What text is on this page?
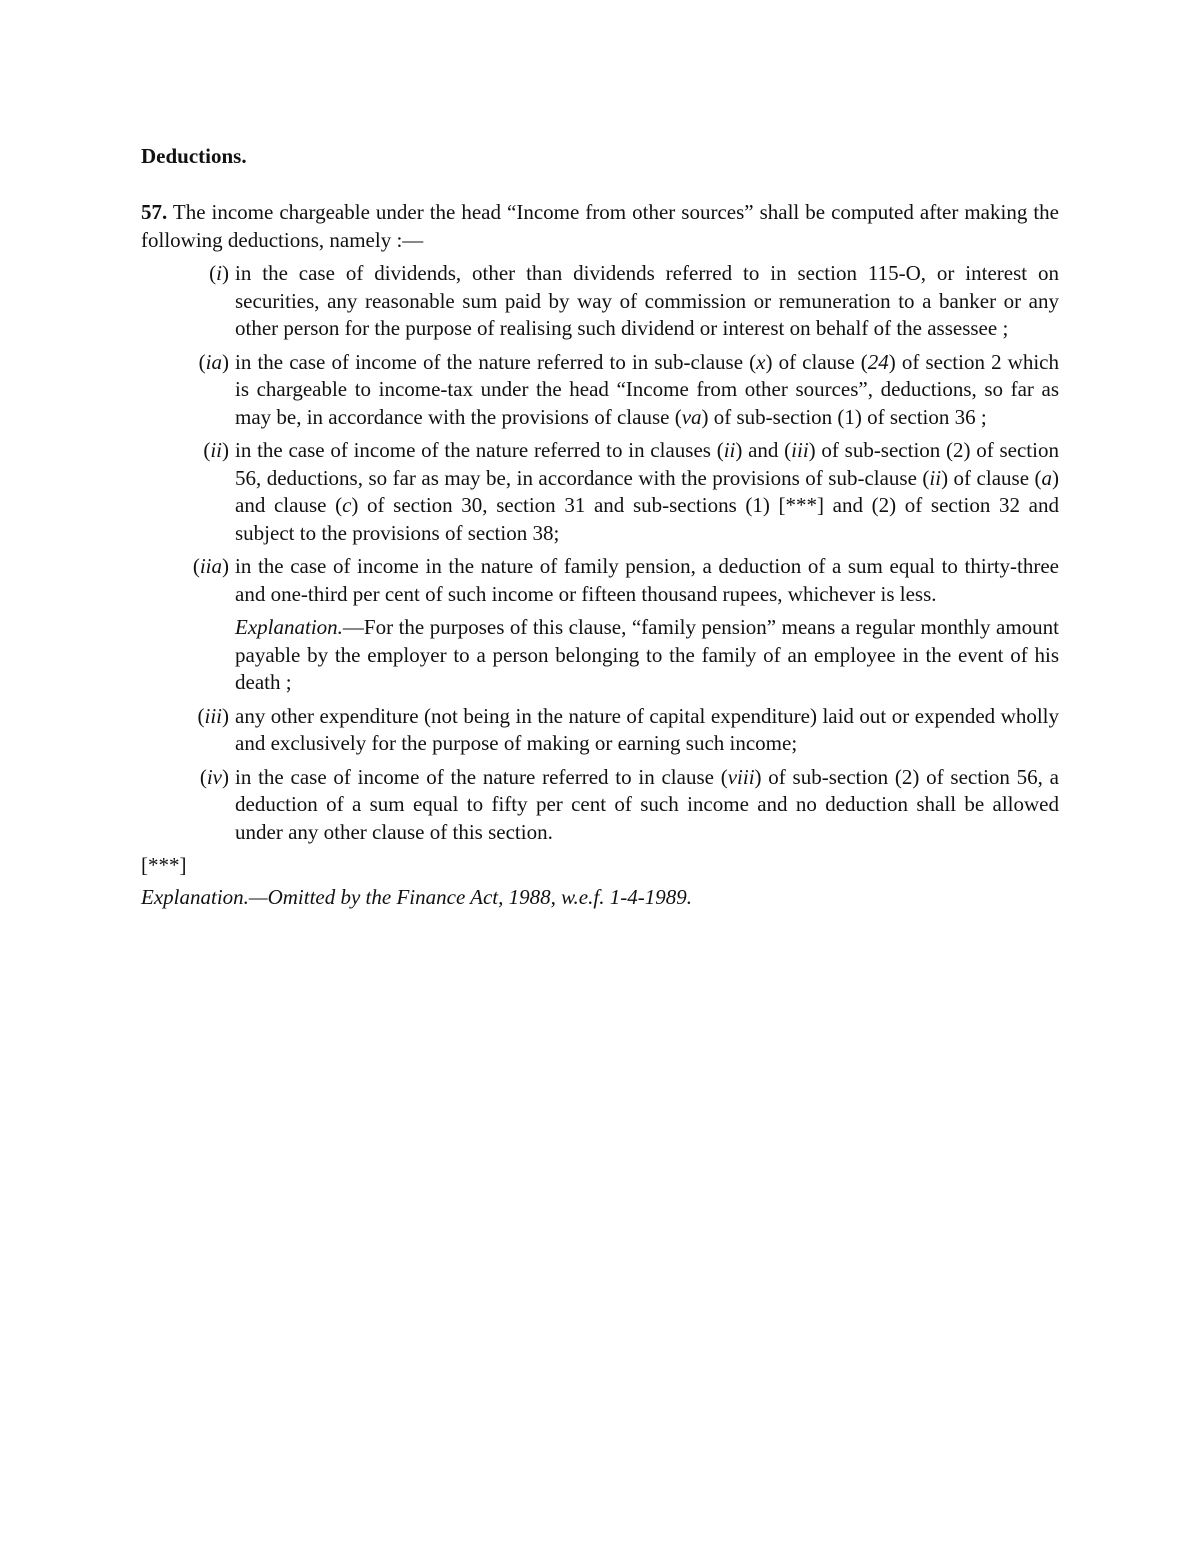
Deductions.

57. The income chargeable under the head “Income from other sources” shall be computed after making the following deductions, namely :—

(i) in the case of dividends, other than dividends referred to in section 115-O, or interest on securities, any reasonable sum paid by way of commission or remuneration to a banker or any other person for the purpose of realising such dividend or interest on behalf of the assessee ;

(ia) in the case of income of the nature referred to in sub-clause (x) of clause (24) of section 2 which is chargeable to income-tax under the head “Income from other sources”, deductions, so far as may be, in accordance with the provisions of clause (va) of sub-section (1) of section 36 ;

(ii) in the case of income of the nature referred to in clauses (ii) and (iii) of sub-section (2) of section 56, deductions, so far as may be, in accordance with the provisions of sub-clause (ii) of clause (a) and clause (c) of section 30, section 31 and sub-sections (1) [***] and (2) of section 32 and subject to the provisions of section 38;

(iia) in the case of income in the nature of family pension, a deduction of a sum equal to thirty-three and one-third per cent of such income or fifteen thousand rupees, whichever is less.

Explanation.—For the purposes of this clause, “family pension” means a regular monthly amount payable by the employer to a person belonging to the family of an employee in the event of his death ;

(iii) any other expenditure (not being in the nature of capital expenditure) laid out or expended wholly and exclusively for the purpose of making or earning such income;

(iv) in the case of income of the nature referred to in clause (viii) of sub-section (2) of section 56, a deduction of a sum equal to fifty per cent of such income and no deduction shall be allowed under any other clause of this section.

[***]

Explanation.—Omitted by the Finance Act, 1988, w.e.f. 1-4-1989.
